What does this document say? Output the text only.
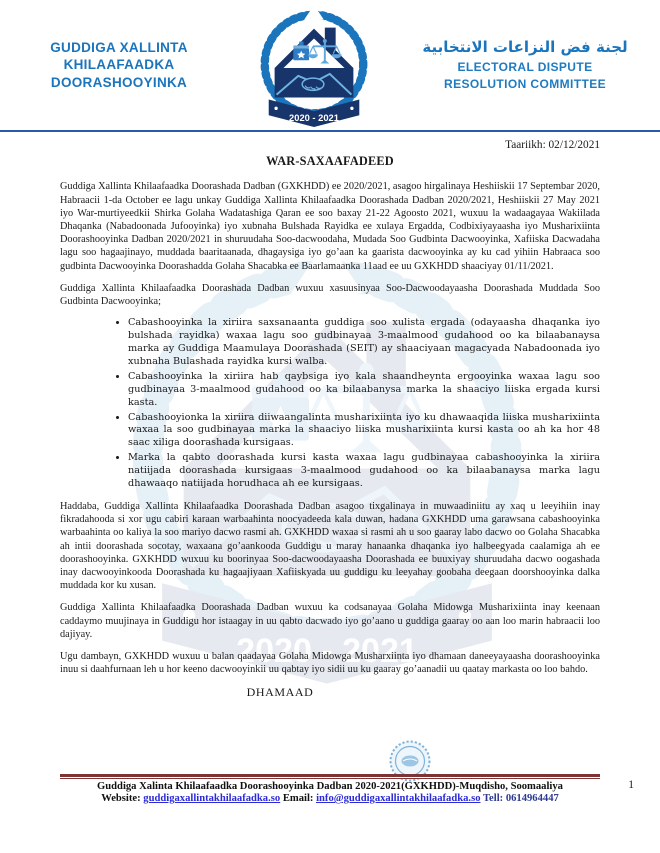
GUDDIGA XALLINTA
KHILAAFAADKA
DOORASHOOYINKA
لجنة فض النزاعات الانتخابية
ELECTORAL DISPUTE
RESOLUTION COMMITTEE
Taariikh: 02/12/2021
WAR-SAXAAFADEED

Guddiga Xallinta Khilaafaadka Doorashada Dadban (GXKHDD) ee 2020/2021, asagoo hirgalinaya Heshiiskii 17 Septembar 2020, Habraacii 1-da October ee lagu unkay Guddiga Xallinta Khilaafaadka Doorashada Dadban 2020/2021, Heshiiskii 27 May 2021 iyo War-murtiyeedkii Shirka Golaha Wadatashiga Qaran ee soo baxay 21-22 Agoosto 2021, wuxuu la wadaagayaa Wakiilada Dhaqanka (Nabadoonada Jufooyinka) iyo xubnaha Bulshada Rayidka ee xulaya Ergadda, Codbixiyayaasha iyo Musharixiinta Doorashooyinka Dadban 2020/2021 in shuruudaha Soo-dacwoodaha, Mudada Soo Gudbinta Dacwooyinka, Xafiiska Dacwadaha lagu soo hagaajinayo, muddada baaritaanada, dhagaysiga iyo go’aan ka gaarista dacwooyinka ay ku cad yihiin Habraaca soo gudbinta Dacwooyinka Doorashadda Golaha Shacabka ee Baarlamaanka 11aad ee uu GXKHDD shaaciyay 01/11/2021.

Guddiga Xallinta Khilaafaadka Doorashada Dadban wuxuu xasuusinyaa Soo-Dacwoodayaasha Doorashada Muddada Soo Gudbinta Dacwooyinka;

• Cabashooyinka la xiriira saxsanaanta guddiga soo xulista ergada (odayaasha dhaqanka iyo bulshada rayidka) waxaa lagu soo gudbinayaa 3-maalmood gudahood oo ka bilaabanaysa marka ay Guddiga Maamulaya Doorashada (SEIT) ay shaaciyaan magacyada Nabadoonada iyo xubnaha Bulashada rayidka kursi walba.
• Cabashooyinka la xiriira hab qaybsiga iyo kala shaandheynta ergooyinka waxaa lagu soo gudbinayaa 3-maalmood gudahood oo ka bilaabanysa marka la shaaciyo liiska ergada kursi kasta.
• Cabashooyionka la xiriira diiwaangalinta musharixiinta iyo ku dhawaaqida liiska musharixiinta waxaa la soo gudbinayaa marka la shaaciyo liiska musharixiinta kursi kasta oo ah ka hor 48 saac xiliga doorashada kursigaas.
• Marka la qabto doorashada kursi kasta waxaa lagu gudbinayaa cabashooyinka la xiriira natiijada doorashada kursigaas 3-maalmood gudahood oo ka bilaabanaysa marka lagu dhawaaqo natiijada horudhaca ah ee kursigaas.

Haddaba, Guddiga Xallinta Khilaafaadka Doorashada Dadban asagoo tixgalinaya in muwaadiniitu ay xaq u leeyihiin inay fikradahooda si xor ugu cabiri karaan warbaahinta noocyadeeda kala duwan, hadana GXKHDD uma garawsana cabashooyinka warbaahinta oo kaliya la soo mariyo dacwo rasmi ah. GXKHDD waxaa si rasmi ah u soo gaaray labo dacwo oo Golaha Shacabka ah intii doorashada socotay, waxaana go’aankooda Guddigu u maray hanaanka dhaqanka iyo halbeegyada caalamiga ah ee doorashooyinka. GXKHDD wuxuu ku boorinyaa Soo-dacwoodayaasha Doorashada ee buuxiyay shuruudaha dacwo oogashada inay dacwooyinkooda Doorashada ku hagaajiyaan Xafiiskyada uu guddigu ku leeyahay goobaha deegaan doorshooyinka dalka muddada kor ku xusan.

Guddiga Xallinta Khilaafaadka Doorashada Dadban wuxuu ka codsanayaa Golaha Midowga Musharixiinta inay keenaan caddaymo muujinaya in Guddigu hor istaagay in uu qabto dacwado iyo go’aano u guddiga gaaray oo aan loo marin habraacii loo dajiyay.

Ugu dambayn, GXKHDD wuxuu u balan qaadayaa Golaha Midowga Musharxiinta iyo dhamaan daneeyayaasha doorashooyinka inuu si daahfurnaan leh u hor keeno dacwooyinkii uu qabtay iyo sidii uu ku gaaray go’aanadii uu qaatay markasta oo loo bahdo.

DHAMAAD
Guddiga Xalinta Khilaafaadka Doorashooyinka Dadban 2020-2021(GXKHDD)-Muqdisho, Soomaaliya
Website: guddigaxallintakhilaafadka.so Email: info@guddigaxallintakhilaafadka.so Tell: 0614964447
1
